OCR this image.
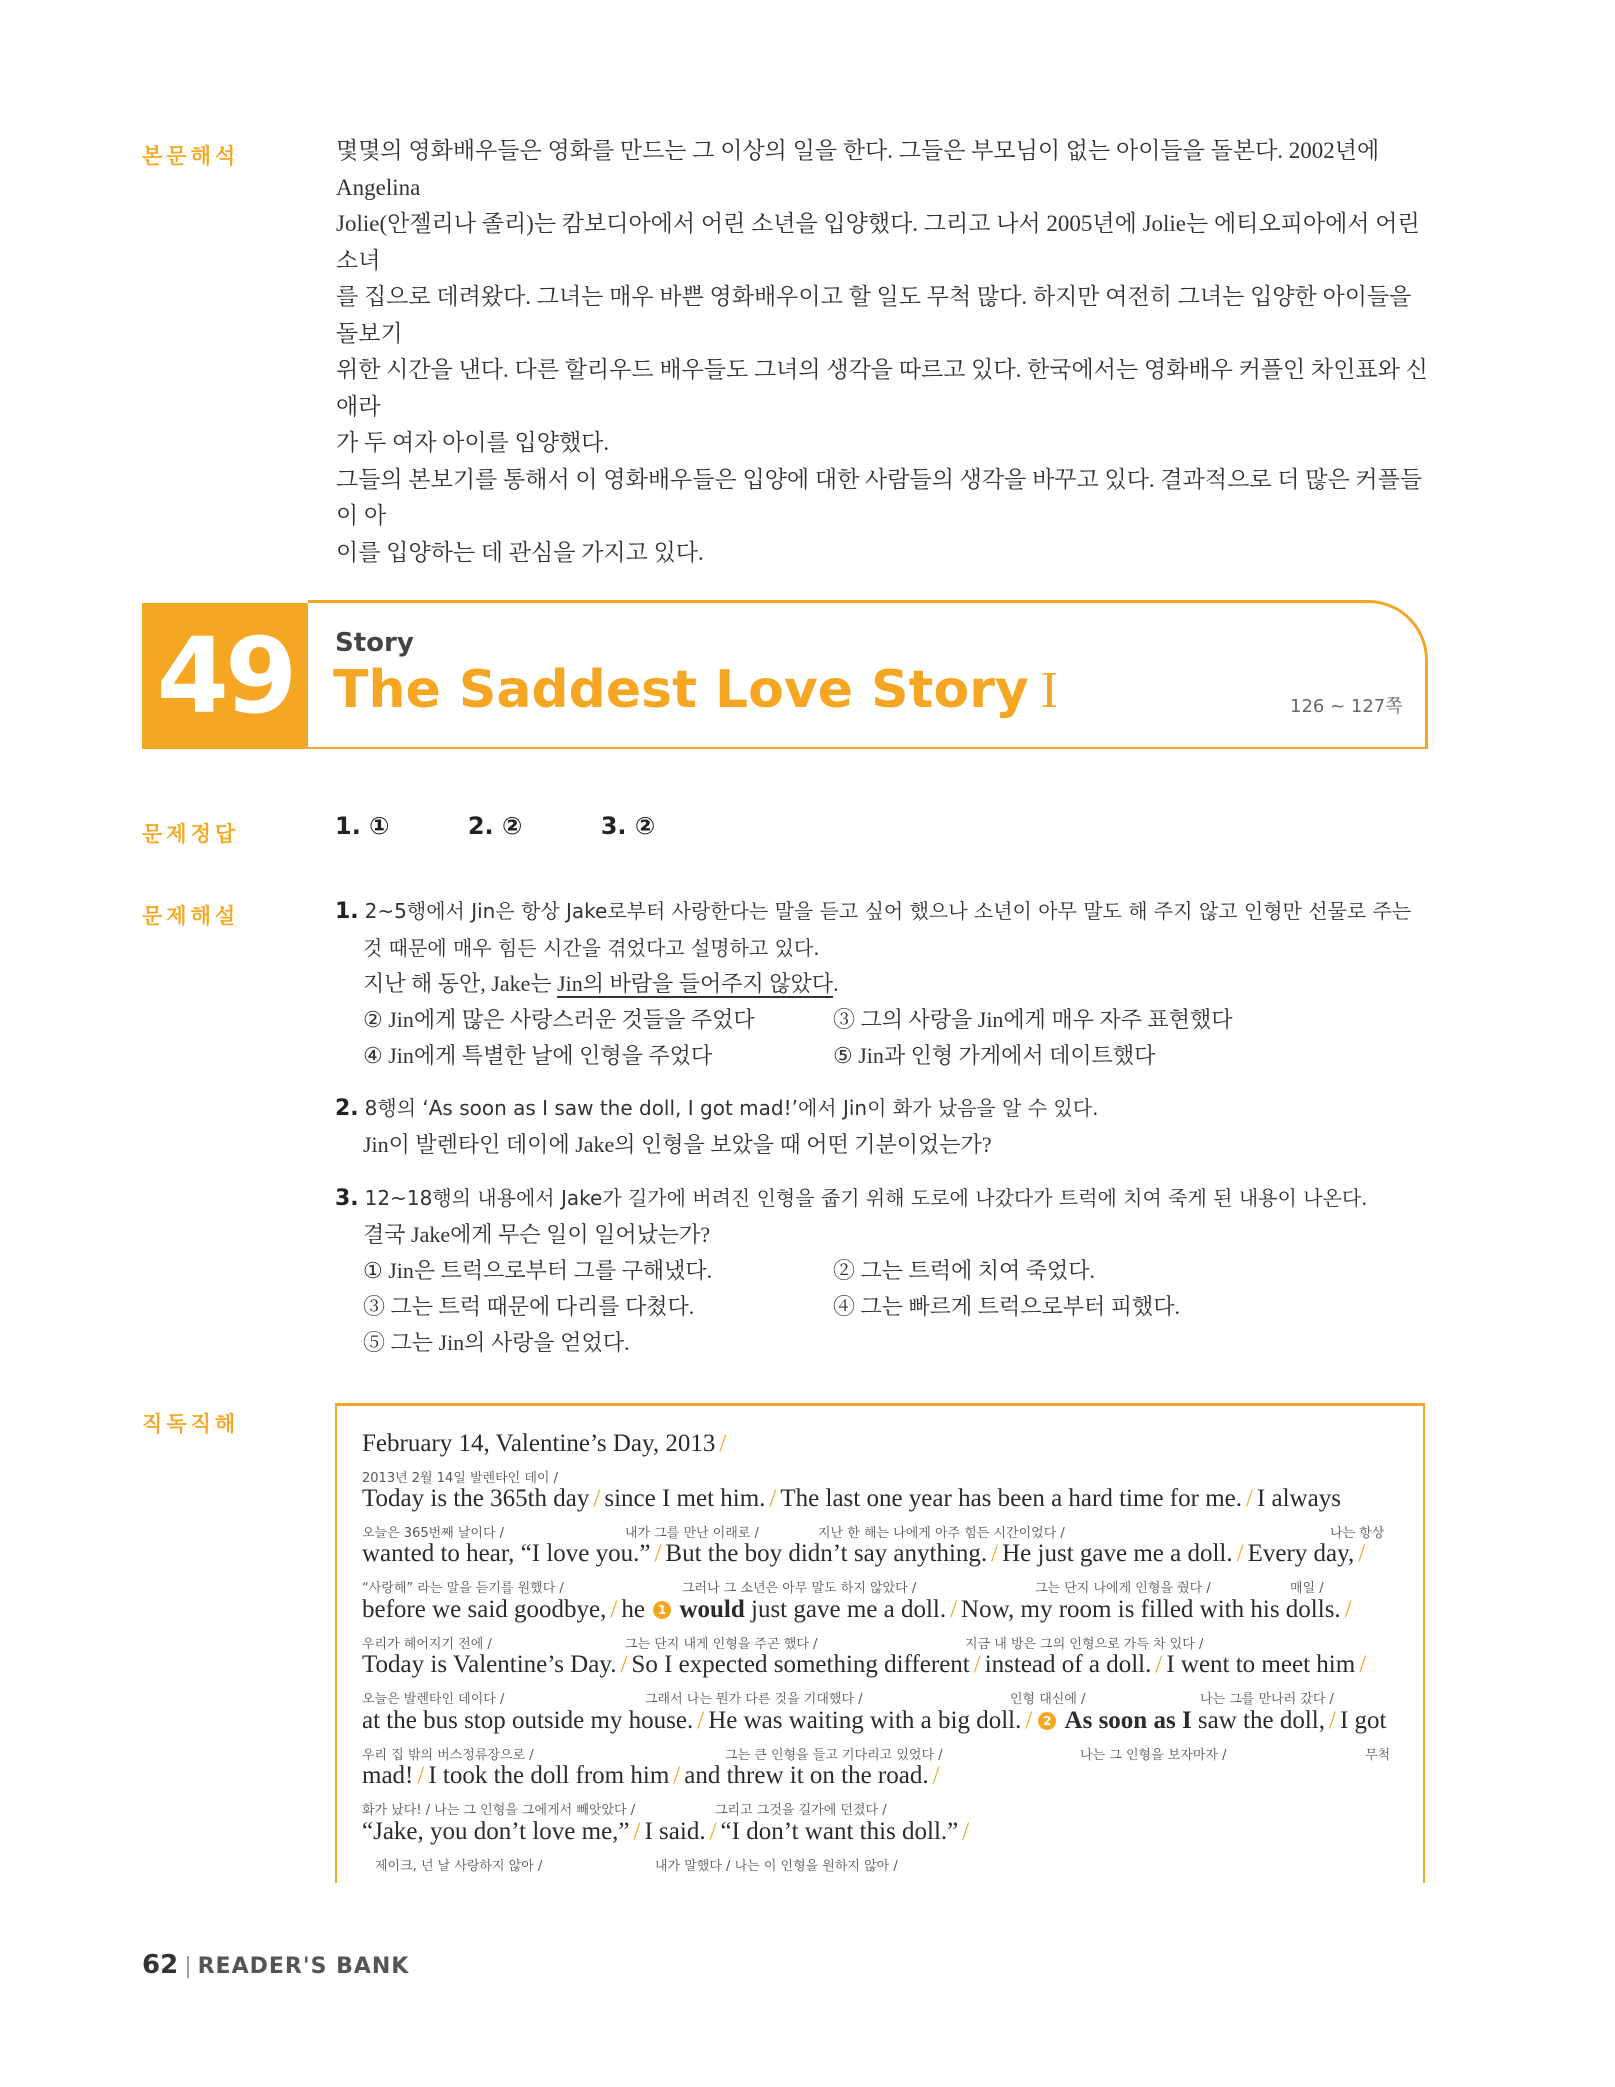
본문해석	몇몇의 영화배우들은 영화를 만드는 그 이상의 일을 한다. 그들은 부모님이 없는 아이들을 돌본다. 2002년에 Angelina
Jolie(안젤리나 졸리)는 캄보디아에서 어린 소년을 입양했다. 그리고 나서 2005년에 Jolie는 에티오피아에서 어린 소녀
를 집으로 데려왔다. 그녀는 매우 바쁜 영화배우이고 할 일도 무척 많다. 하지만 여전히 그녀는 입양한 아이들을 돌보기
위한 시간을 낸다. 다른 할리우드 배우들도 그녀의 생각을 따르고 있다. 한국에서는 영화배우 커플인 차인표와 신애라
가 두 여자 아이를 입양했다.
그들의 본보기를 통해서 이 영화배우들은 입양에 대한 사람들의 생각을 바꾸고 있다. 결과적으로 더 많은 커플들이 아
이를 입양하는 데 관심을 가지고 있다.
49	Story
The Saddest Love Story I	126 ~ 127쪽
문제정답	1. ①	2. ②	3. ②
문제해설	1. 2~5행에서 Jin은 항상 Jake로부터 사랑한다는 말을 듣고 싶어 했으나 소년이 아무 말도 해 주지 않고 인형만 선물로 주는
것 때문에 매우 힘든 시간을 겪었다고 설명하고 있다.
지난 해 동안, Jake는 Jin의 바람을 들어주지 않았다.
② Jin에게 많은 사랑스러운 것들을 주었다	③ 그의 사랑을 Jin에게 매우 자주 표현했다
④ Jin에게 특별한 날에 인형을 주었다	⑤ Jin과 인형 가게에서 데이트했다
2. 8행의 ‘As soon as I saw the doll, I got mad!’에서 Jin이 화가 났음을 알 수 있다.
Jin이 발렌타인 데이에 Jake의 인형을 보았을 때 어떤 기분이었는가?
3. 12~18행의 내용에서 Jake가 길가에 버려진 인형을 줍기 위해 도로에 나갔다가 트럭에 치여 죽게 된 내용이 나온다.
결국 Jake에게 무슨 일이 일어났는가?
① Jin은 트럭으로부터 그를 구해냈다.	② 그는 트럭에 치여 죽었다.
③ 그는 트럭 때문에 다리를 다쳤다.	④ 그는 빠르게 트럭으로부터 피했다.
⑤ 그는 Jin의 사랑을 얻었다.
직독직해
February 14, Valentine’s Day, 2013 /
2013년 2월 14일 발렌타인 데이 /
Today is the 365th day / since I met him. / The last one year has been a hard time for me. / I always
오늘은 365번째 날이다 /	내가 그를 만난 이래로 /	지난 한 해는 나에게 아주 힘든 시간이었다 /	나는 항상
wanted to hear, “I love you.” / But the boy didn’t say anything. / He just gave me a doll. / Every day, /
“사랑해” 라는 말을 듣기를 원했다 /	그러나 그 소년은 아무 말도 하지 않았다 /	그는 단지 나에게 인형을 줬다 /	매일 /
before we said goodbye, / he 1 would just gave me a doll. / Now, my room is filled with his dolls. /
우리가 헤어지기 전에 /	그는 단지 내게 인형을 주곤 했다 /	지금 내 방은 그의 인형으로 가득 차 있다 /
Today is Valentine’s Day. / So I expected something different / instead of a doll. / I went to meet him /
오늘은 발렌타인 데이다 /	그래서 나는 뭔가 다른 것을 기대했다 /	인형 대신에 /	나는 그를 만나러 갔다 /
at the bus stop outside my house. / He was waiting with a big doll. / 2 As soon as I saw the doll, / I got
우리 집 밖의 버스정류장으로 /	그는 큰 인형을 들고 기다리고 있었다 /	나는 그 인형을 보자마자 /	무척
mad! / I took the doll from him / and threw it on the road. /
화가 났다! / 나는 그 인형을 그에게서 빼앗았다 /	그리고 그것을 길가에 던졌다 /
“Jake, you don’t love me,” / I said. / “I don’t want this doll.” /
제이크, 넌 날 사랑하지 않아 /	내가 말했다 / 나는 이 인형을 원하지 않아 /
62 | READER'S BANK
